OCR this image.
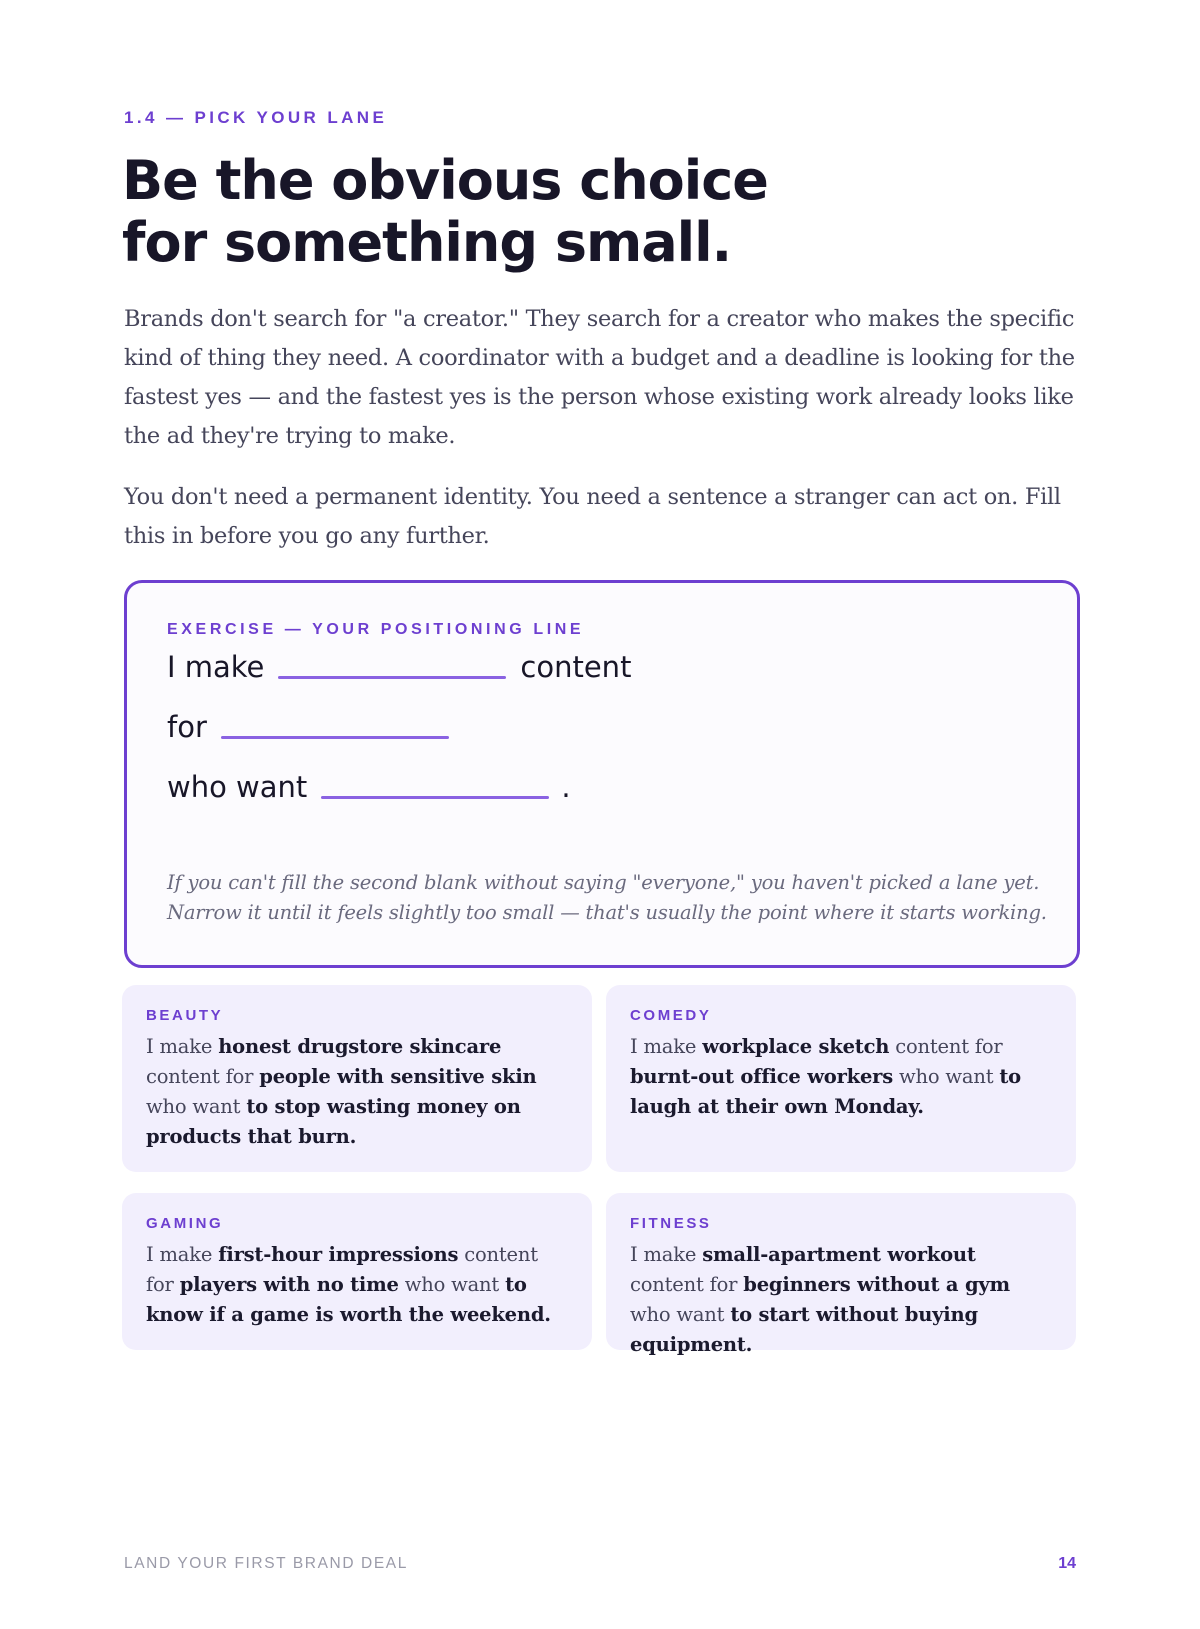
1.4 — PICK YOUR LANE
Be the obvious choice
for something small.

Brands don't search for "a creator." They search for a creator who makes the specific kind of thing they need. A coordinator with a budget and a deadline is looking for the fastest yes — and the fastest yes is the person whose existing work already looks like the ad they're trying to make.

You don't need a permanent identity. You need a sentence a stranger can act on. Fill this in before you go any further.

EXERCISE — YOUR POSITIONING LINE
I make	content
for
who want	.
If you can't fill the second blank without saying "everyone," you haven't picked a lane yet.
Narrow it until it feels slightly too small — that's usually the point where it starts working.
BEAUTY
I make honest drugstore skincare content for people with sensitive skin who want to stop wasting money on products that burn.
COMEDY
I make workplace sketch content for burnt-out office workers who want to laugh at their own Monday.
GAMING
I make first-hour impressions content for players with no time who want to know if a game is worth the weekend.
FITNESS
I make small-apartment workout content for beginners without a gym who want to start without buying equipment.
LAND YOUR FIRST BRAND DEAL	14
